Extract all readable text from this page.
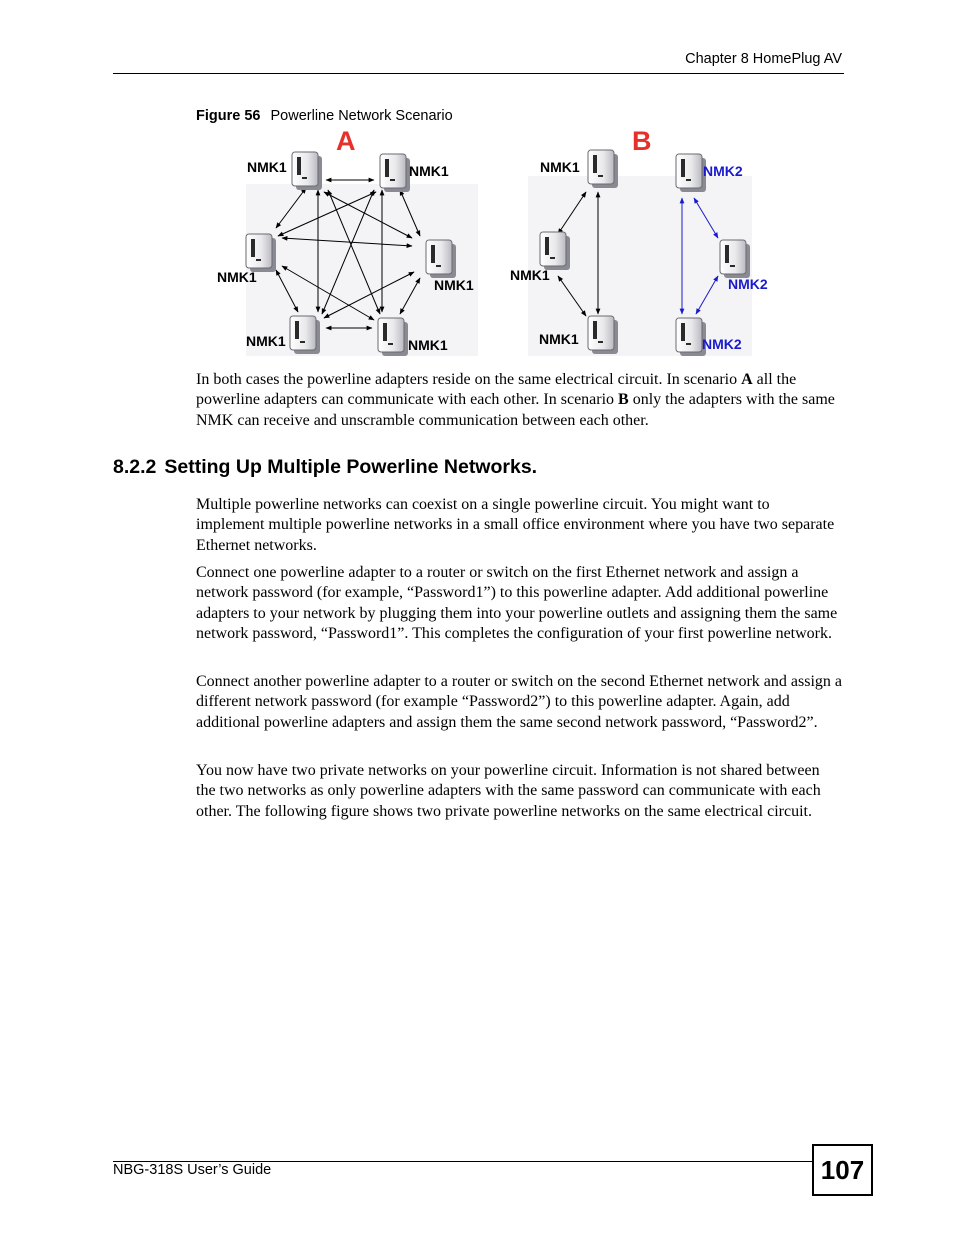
Chapter 8 HomePlug AV
Figure 56 Powerline Network Scenario
A	B
NMK1	NMK1
NMK1	NMK1
NMK1	NMK1
NMK1
NMK1
NMK1
NMK2
NMK2
NMK2

In both cases the powerline adapters reside on the same electrical circuit. In scenario A all the powerline adapters can communicate with each other. In scenario B only the adapters with the same NMK can receive and unscramble communication between each other.

8.2.2 Setting Up Multiple Powerline Networks.

Multiple powerline networks can coexist on a single powerline circuit. You might want to implement multiple powerline networks in a small office environment where you have two separate Ethernet networks.

Connect one powerline adapter to a router or switch on the first Ethernet network and assign a network password (for example, “Password1”) to this powerline adapter. Add additional powerline adapters to your network by plugging them into your powerline outlets and assigning them the same network password, “Password1”. This completes the configuration of your first powerline network.

Connect another powerline adapter to a router or switch on the second Ethernet network and assign a different network password (for example “Password2”) to this powerline adapter. Again, add additional powerline adapters and assign them the same second network password, “Password2”.

You now have two private networks on your powerline circuit. Information is not shared between the two networks as only powerline adapters with the same password can communicate with each other. The following figure shows two private powerline networks on the same electrical circuit.

NBG-318S User’s Guide	107
